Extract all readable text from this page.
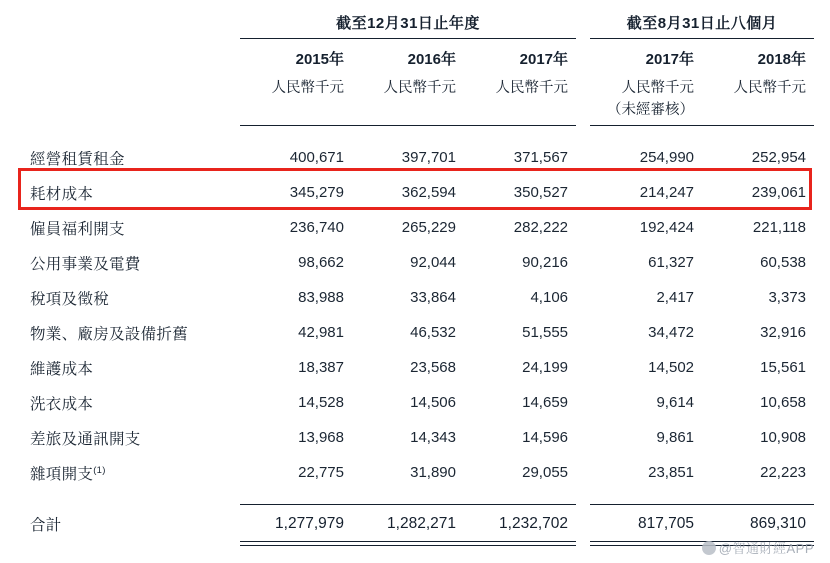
	截至12月31日止年度				截至8月31日止八個月	
	2015年	2016年	2017年		2017年	2018年
	人民幣千元	人民幣千元	人民幣千元		人民幣千元	人民幣千元
					（未經審核）	

經營租賃租金	400,671	397,701	371,567		254,990	252,954
耗材成本	345,279	362,594	350,527		214,247	239,061
僱員福利開支	236,740	265,229	282,222		192,424	221,118
公用事業及電費	98,662	92,044	90,216		61,327	60,538
稅項及徵稅	83,988	33,864	4,106		2,417	3,373
物業、廠房及設備折舊	42,981	46,532	51,555		34,472	32,916
維護成本	18,387	23,568	24,199		14,502	15,561
洗衣成本	14,528	14,506	14,659		9,614	10,658
差旅及通訊開支	13,968	14,343	14,596		9,861	10,908
雜項開支$^{(1)}$	22,775	31,890	29,055		23,851	22,223

合計	1,277,979	1,282,271	1,232,702		817,705	869,310

@智通財經APP
